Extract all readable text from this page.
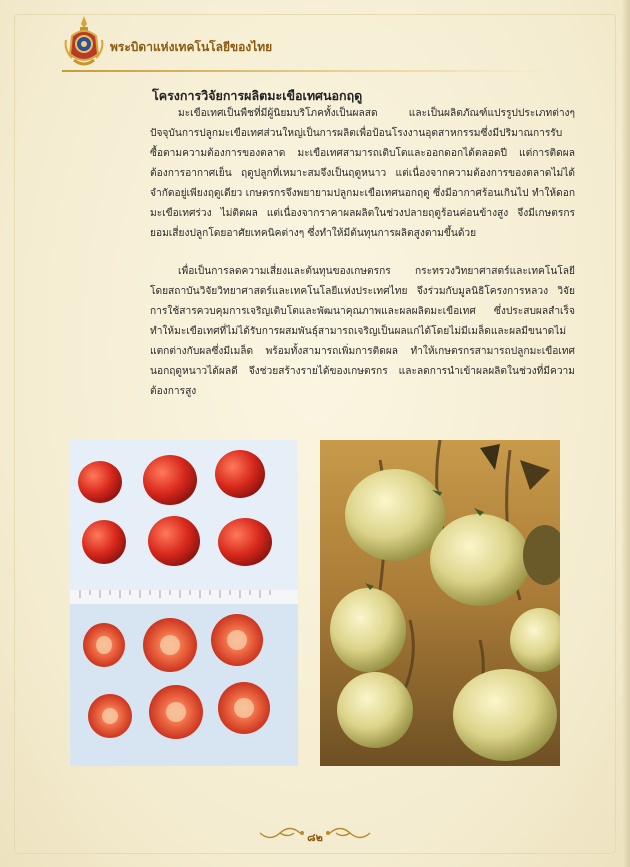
พระบิดาแห่งเทคโนโลยีของไทย
โครงการวิจัยการผลิตมะเขือเทศนอกฤดู

มะเขือเทศเป็นพืชที่มีผู้นิยมบริโภคทั้งเป็นผลสด และเป็นผลิตภัณฑ์แปรรูปประเภทต่างๆ ปัจจุบันการปลูกมะเขือเทศส่วนใหญ่เป็นการผลิตเพื่อป้อนโรงงานอุตสาหกรรมซึ่งมีปริมาณการรับซื้อตามความต้องการของตลาด มะเขือเทศสามารถเติบโตและออกดอกได้ตลอดปี แต่การติดผลต้องการอากาศเย็น ฤดูปลูกที่เหมาะสมจึงเป็นฤดูหนาว แต่เนื่องจากความต้องการของตลาดไม่ได้จำกัดอยู่เพียงฤดูเดียว เกษตรกรจึงพยายามปลูกมะเขือเทศนอกฤดู ซึ่งมีอากาศร้อนเกินไป ทำให้ดอกมะเขือเทศร่วง ไม่ติดผล แต่เนื่องจากราคาผลผลิตในช่วงปลายฤดูร้อนค่อนข้างสูง จึงมีเกษตรกรยอมเสี่ยงปลูกโดยอาศัยเทคนิคต่างๆ ซึ่งทำให้มีต้นทุนการผลิตสูงตามขึ้นด้วย

เพื่อเป็นการลดความเสี่ยงและต้นทุนของเกษตรกร กระทรวงวิทยาศาสตร์และเทคโนโลยี โดยสถาบันวิจัยวิทยาศาสตร์และเทคโนโลยีแห่งประเทศไทย จึงร่วมกับมูลนิธิโครงการหลวง วิจัยการใช้สารควบคุมการเจริญเติบโตและพัฒนาคุณภาพและผลผลิตมะเขือเทศ ซึ่งประสบผลสำเร็จทำให้มะเขือเทศที่ไม่ได้รับการผสมพันธุ์สามารถเจริญเป็นผลแก่ได้โดยไม่มีเมล็ดและผลมีขนาดไม่แตกต่างกับผลซึ่งมีเมล็ด พร้อมทั้งสามารถเพิ่มการติดผล ทำให้เกษตรกรสามารถปลูกมะเขือเทศนอกฤดูหนาวได้ผลดี จึงช่วยสร้างรายได้ของเกษตรกร และลดการนำเข้าผลผลิตในช่วงที่มีความต้องการสูง

๘๒
